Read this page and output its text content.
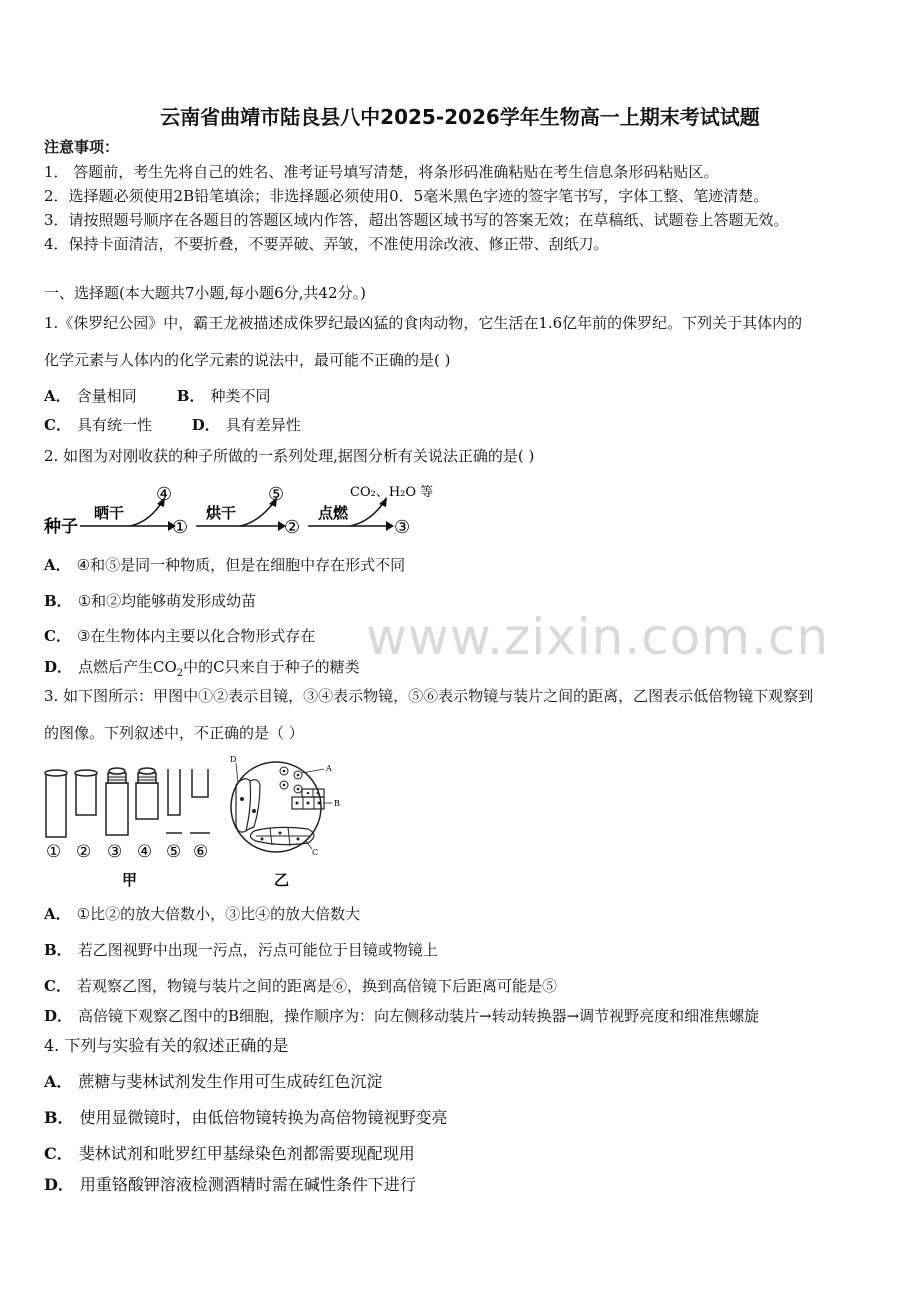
云南省曲靖市陆良县八中2025-2026学年生物高一上期末考试试题
注意事项：
1． 答题前，考生先将自己的姓名、准考证号填写清楚，将条形码准确粘贴在考生信息条形码粘贴区。
2．选择题必须使用2B铅笔填涂；非选择题必须使用0．5毫米黑色字迹的签字笔书写，字体工整、笔迹清楚。
3．请按照题号顺序在各题目的答题区域内作答，超出答题区域书写的答案无效；在草稿纸、试题卷上答题无效。
4．保持卡面清洁，不要折叠，不要弄破、弄皱，不准使用涂改液、修正带、刮纸刀。
一、选择题(本大题共7小题,每小题6分,共42分。)
1.《侏罗纪公园》中，霸王龙被描述成侏罗纪最凶猛的食肉动物，它生活在1.6亿年前的侏罗纪。下列关于其体内的
化学元素与人体内的化学元素的说法中，最可能不正确的是( )
A． 含量相同	B． 种类不同
C． 具有统一性	D． 具有差异性
2. 如图为对刚收获的种子所做的一系列处理,据图分析有关说法正确的是( )
种子
晒干
④
①
烘干
⑤
②
点燃
CO₂、H₂O 等
③
A． ④和⑤是同一种物质，但是在细胞中存在形式不同
B． ①和②均能够萌发形成幼苗
C． ③在生物体内主要以化合物形式存在
D． 点燃后产生$CO_2$中的C只来自于种子的糖类
www.zixin.com.cn
3. 如下图所示：甲图中①②表示目镜，③④表示物镜，⑤⑥表示物镜与装片之间的距离，乙图表示低倍物镜下观察到
的图像。下列叙述中，不正确的是（ ）
① ② ③ ④ ⑤ ⑥
甲
A
B
C
D
乙
A． ①比②的放大倍数小，③比④的放大倍数大
B． 若乙图视野中出现一污点，污点可能位于目镜或物镜上
C． 若观察乙图，物镜与装片之间的距离是⑥，换到高倍镜下后距离可能是⑤
D． 高倍镜下观察乙图中的B细胞，操作顺序为：向左侧移动装片→转动转换器→调节视野亮度和细准焦螺旋
4. 下列与实验有关的叙述正确的是
A． 蔗糖与斐林试剂发生作用可生成砖红色沉淀
B． 使用显微镜时，由低倍物镜转换为高倍物镜视野变亮
C． 斐林试剂和吡罗红甲基绿染色剂都需要现配现用
D． 用重铬酸钾溶液检测酒精时需在碱性条件下进行
